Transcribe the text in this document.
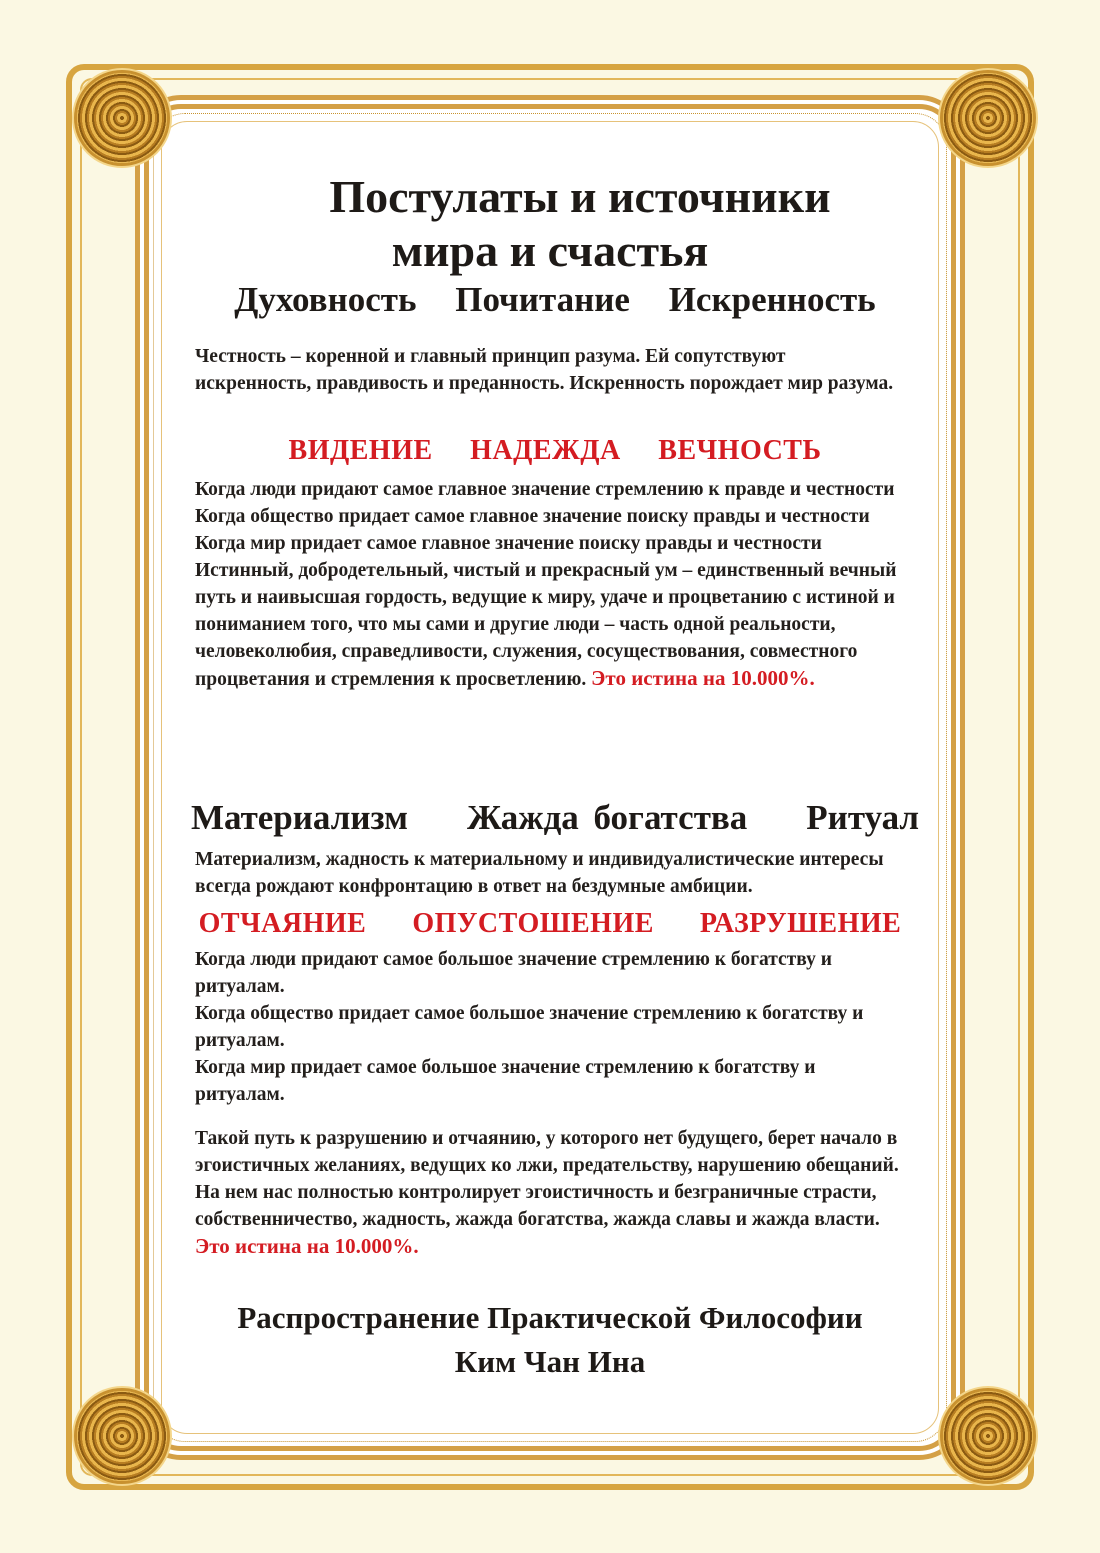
Постулаты и источники
мира и счастья
Духовность Почитание Искренность

Честность – коренной и главный принцип разума. Ей сопутствуют искренность, правдивость и преданность. Искренность порождает мир разума.

ВИДЕНИЕ НАДЕЖДА ВЕЧНОСТЬ
Когда люди придают самое главное значение стремлению к правде и честности
Когда общество придает самое главное значение поиску правды и честности
Когда мир придает самое главное значение поиску правды и честности
Истинный, добродетельный, чистый и прекрасный ум – единственный вечный путь и наивысшая гордость, ведущие к миру, удаче и процветанию с истиной и пониманием того, что мы сами и другие люди – часть одной реальности, человеколюбия, справедливости, служения, сосуществования, совместного процветания и стремления к просветлению. Это истина на 10.000%.
Материализм Жажда богатства Ритуал

Материализм, жадность к материальному и индивидуалистические интересы всегда рождают конфронтацию в ответ на бездумные амбиции.

ОТЧАЯНИЕ ОПУСТОШЕНИЕ РАЗРУШЕНИЕ
Когда люди придают самое большое значение стремлению к богатству и ритуалам.
Когда общество придает самое большое значение стремлению к богатству и ритуалам.
Когда мир придает самое большое значение стремлению к богатству и ритуалам.
Такой путь к разрушению и отчаянию, у которого нет будущего, берет начало в эгоистичных желаниях, ведущих ко лжи, предательству, нарушению обещаний. На нем нас полностью контролирует эгоистичность и безграничные страсти, собственничество, жадность, жажда богатства, жажда славы и жажда власти.
Это истина на 10.000%.
Распространение Практической Философии
Ким Чан Ина
